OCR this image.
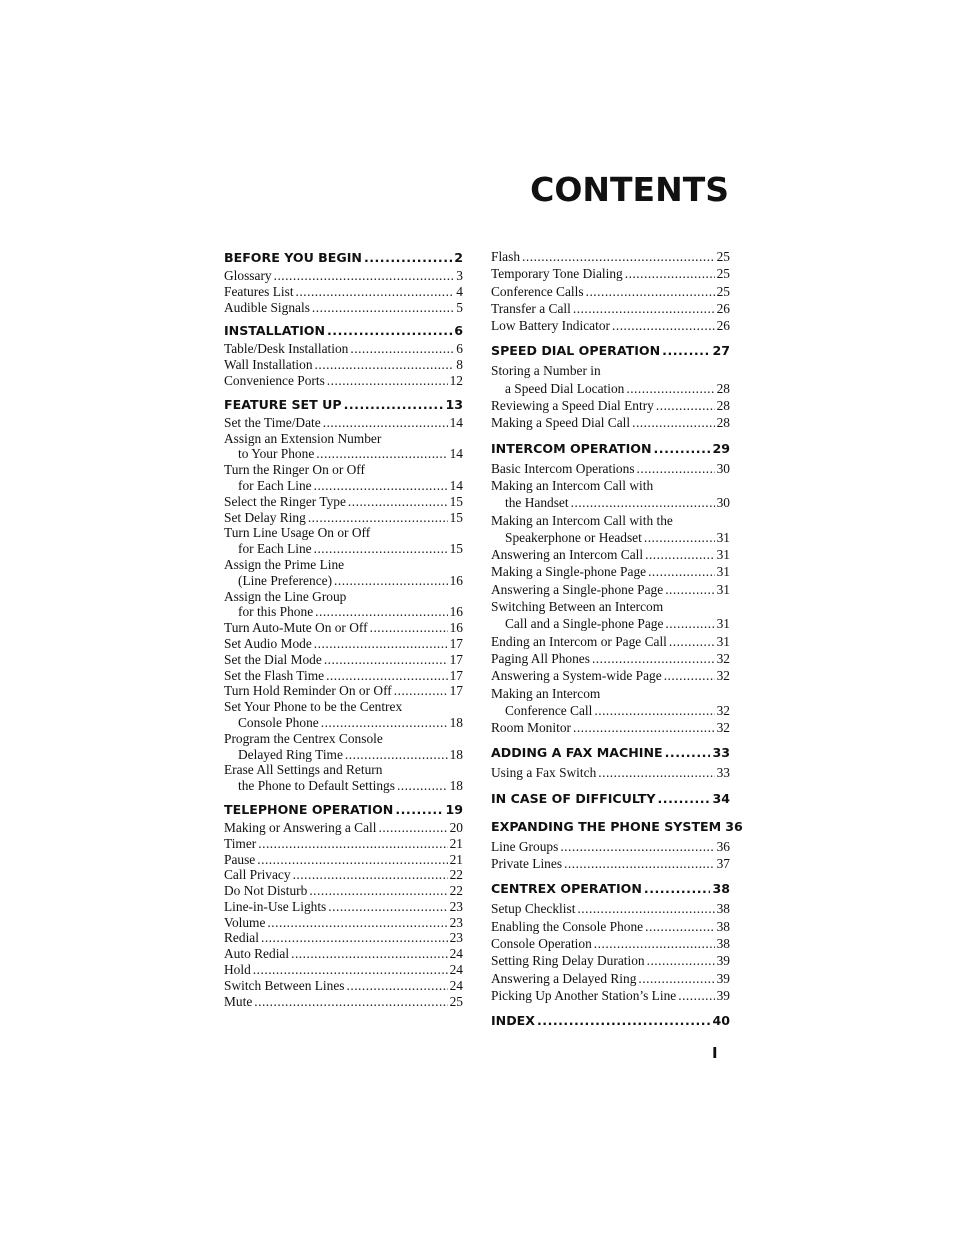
CONTENTS
BEFORE YOU BEGIN .....	2
Glossary .....	3
Features List .....	4
Audible Signals .....	5
INSTALLATION .....	6
Table/Desk Installation .....	6
Wall Installation .....	8
Convenience Ports .....	12
FEATURE SET UP .....	13
Set the Time/Date .....	14
Assign an Extension Number
to Your Phone .....	14
Turn the Ringer On or Off
for Each Line .....	14
Select the Ringer Type .....	15
Set Delay Ring .....	15
Turn Line Usage On or Off
for Each Line .....	15
Assign the Prime Line
(Line Preference) .....	16
Assign the Line Group
for this Phone .....	16
Turn Auto-Mute On or Off .....	16
Set Audio Mode .....	17
Set the Dial Mode .....	17
Set the Flash Time .....	17
Turn Hold Reminder On or Off .....	17
Set Your Phone to be the Centrex
Console Phone .....	18
Program the Centrex Console
Delayed Ring Time .....	18
Erase All Settings and Return
the Phone to Default Settings .....	18
TELEPHONE OPERATION .....	19
Making or Answering a Call .....	20
Timer .....	21
Pause .....	21
Call Privacy .....	22
Do Not Disturb .....	22
Line-in-Use Lights .....	23
Volume .....	23
Redial .....	23
Auto Redial .....	24
Hold .....	24
Switch Between Lines .....	24
Mute .....	25
Flash .....	25
Temporary Tone Dialing .....	25
Conference Calls .....	25
Transfer a Call .....	26
Low Battery Indicator .....	26
SPEED DIAL OPERATION .....	27
Storing a Number in
a Speed Dial Location .....	28
Reviewing a Speed Dial Entry .....	28
Making a Speed Dial Call .....	28
INTERCOM OPERATION .....	29
Basic Intercom Operations .....	30
Making an Intercom Call with
the Handset .....	30
Making an Intercom Call with the
Speakerphone or Headset .....	31
Answering an Intercom Call .....	31
Making a Single-phone Page .....	31
Answering a Single-phone Page .....	31
Switching Between an Intercom
Call and a Single-phone Page .....	31
Ending an Intercom or Page Call .....	31
Paging All Phones .....	32
Answering a System-wide Page .....	32
Making an Intercom
Conference Call .....	32
Room Monitor .....	32
ADDING A FAX MACHINE .....	33
Using a Fax Switch .....	33
IN CASE OF DIFFICULTY .....	34
EXPANDING THE PHONE SYSTEM 36
Line Groups .....	36
Private Lines .....	37
CENTREX OPERATION .....	38
Setup Checklist .....	38
Enabling the Console Phone .....	38
Console Operation .....	38
Setting Ring Delay Duration .....	39
Answering a Delayed Ring .....	39
Picking Up Another Station’s Line .....	39
INDEX .....	40
I
